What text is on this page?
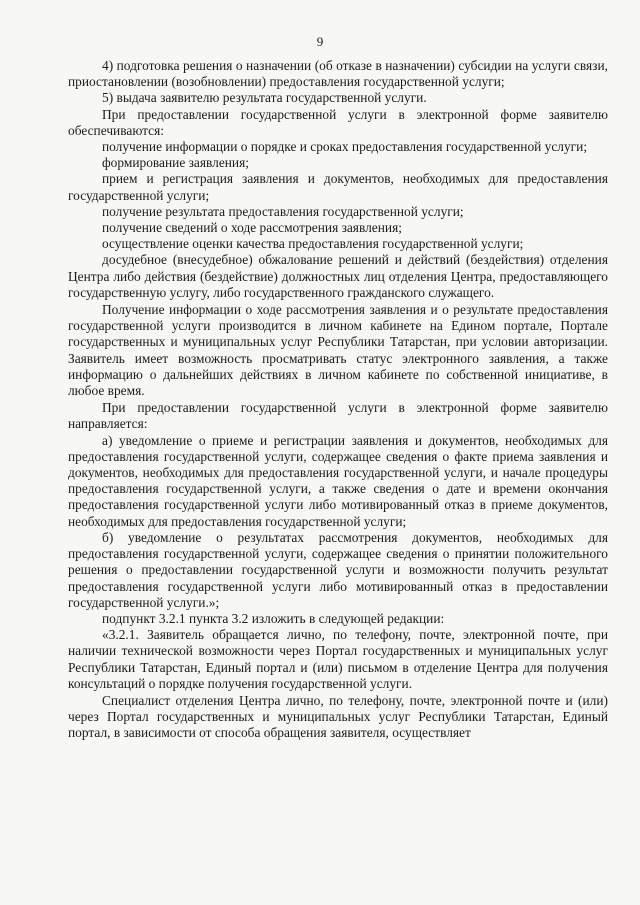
9

4) подготовка решения о назначении (об отказе в назначении) субсидии на услуги связи, приостановлении (возобновлении) предоставления государственной услуги;

5) выдача заявителю результата государственной услуги.

При предоставлении государственной услуги в электронной форме заявителю обеспечиваются:

получение информации о порядке и сроках предоставления государственной услуги;

формирование заявления;

прием и регистрация заявления и документов, необходимых для предоставления государственной услуги;

получение результата предоставления государственной услуги;

получение сведений о ходе рассмотрения заявления;

осуществление оценки качества предоставления государственной услуги;

досудебное (внесудебное) обжалование решений и действий (бездействия) отделения Центра либо действия (бездействие) должностных лиц отделения Центра, предоставляющего государственную услугу, либо государственного гражданского служащего.

Получение информации о ходе рассмотрения заявления и о результате предоставления государственной услуги производится в личном кабинете на Едином портале, Портале государственных и муниципальных услуг Республики Татарстан, при условии авторизации. Заявитель имеет возможность просматривать статус электронного заявления, а также информацию о дальнейших действиях в личном кабинете по собственной инициативе, в любое время.

При предоставлении государственной услуги в электронной форме заявителю направляется:

а) уведомление о приеме и регистрации заявления и документов, необходимых для предоставления государственной услуги, содержащее сведения о факте приема заявления и документов, необходимых для предоставления государственной услуги, и начале процедуры предоставления государственной услуги, а также сведения о дате и времени окончания предоставления государственной услуги либо мотивированный отказ в приеме документов, необходимых для предоставления государственной услуги;

б) уведомление о результатах рассмотрения документов, необходимых для предоставления государственной услуги, содержащее сведения о принятии положительного решения о предоставлении государственной услуги и возможности получить результат предоставления государственной услуги либо мотивированный отказ в предоставлении государственной услуги.»;

подпункт 3.2.1 пункта 3.2 изложить в следующей редакции:

«3.2.1. Заявитель обращается лично, по телефону, почте, электронной почте, при наличии технической возможности через Портал государственных и муниципальных услуг Республики Татарстан, Единый портал и (или) письмом в отделение Центра для получения консультаций о порядке получения государственной услуги.

Специалист отделения Центра лично, по телефону, почте, электронной почте и (или) через Портал государственных и муниципальных услуг Республики Татарстан, Единый портал, в зависимости от способа обращения заявителя, осуществляет
